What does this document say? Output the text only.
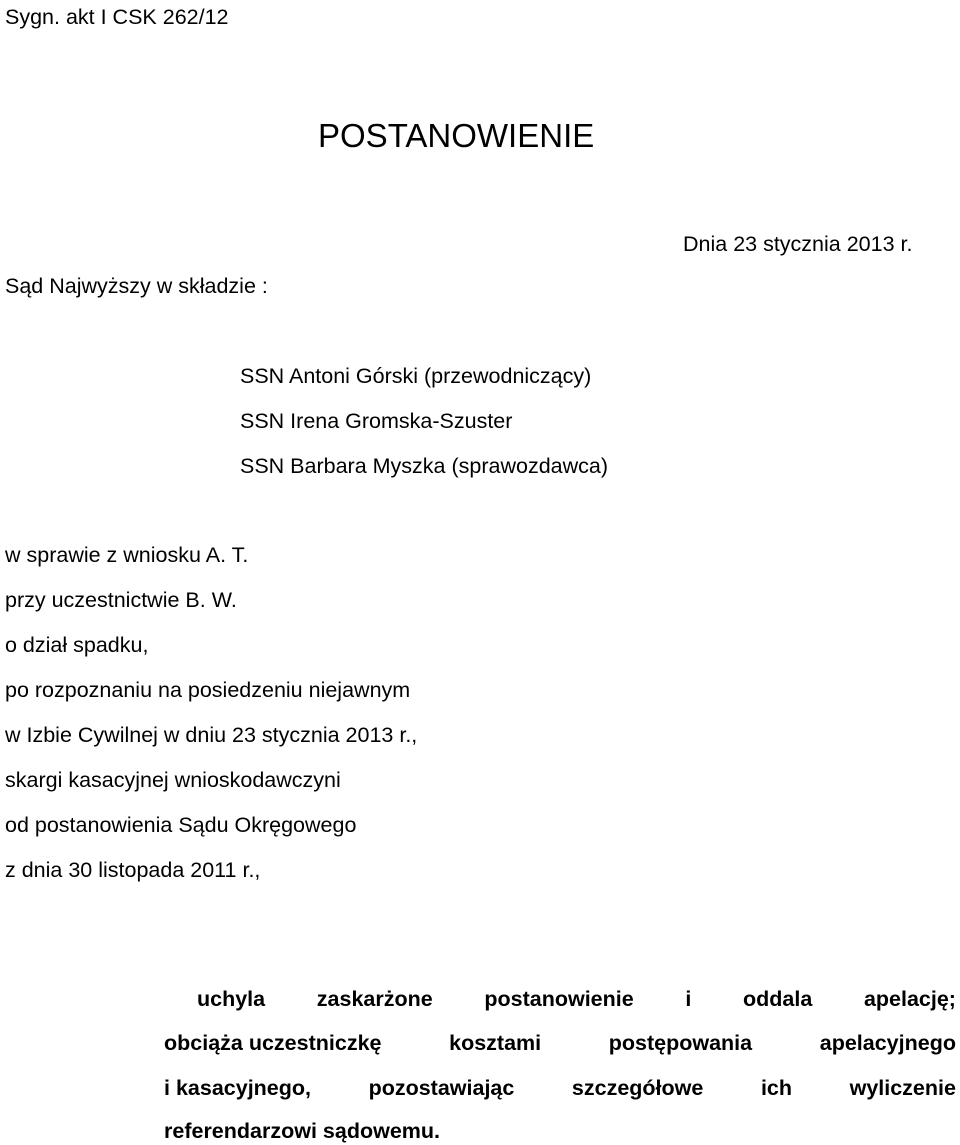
Sygn. akt I CSK 262/12
POSTANOWIENIE
Dnia 23 stycznia 2013 r.
Sąd Najwyższy w składzie :
SSN Antoni Górski (przewodniczący)
SSN Irena Gromska-Szuster
SSN Barbara Myszka (sprawozdawca)
w sprawie z wniosku A. T.
przy uczestnictwie B. W.
o dział spadku,
po rozpoznaniu na posiedzeniu niejawnym
w Izbie Cywilnej w dniu 23 stycznia 2013 r.,
skargi kasacyjnej wnioskodawczyni
od postanowienia Sądu Okręgowego
z dnia 30 listopada 2011 r.,
uchyla zaskarżone postanowienie i oddala apelację;
obciąża uczestniczkę	kosztami	postępowania	apelacyjnego
i kasacyjnego,	pozostawiając	szczegółowe	ich	wyliczenie
referendarzowi sądowemu.
